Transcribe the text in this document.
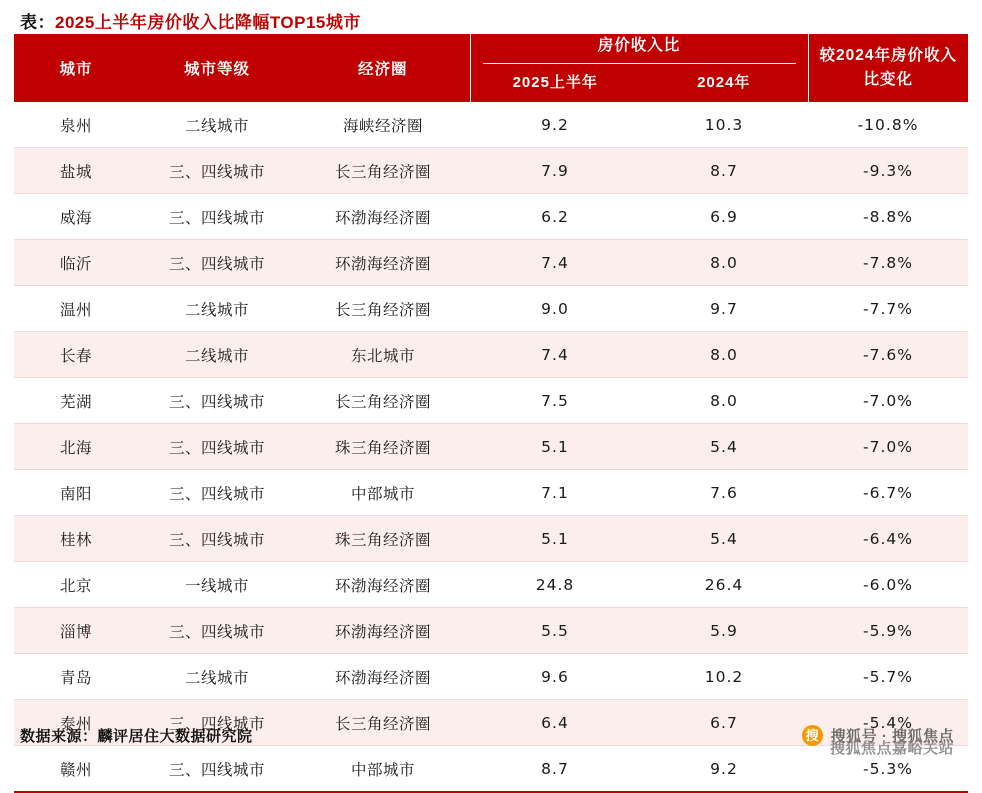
表： 2025上半年房价收入比降幅TOP15城市
城市	城市等级	经济圈	房价收入比		较2024年房价收入
比变化

			2025上半年	2024年	
泉州	二线城市	海峡经济圈	9.2	10.3	-10.8%
盐城	三、四线城市	长三角经济圈	7.9	8.7	-9.3%
威海	三、四线城市	环渤海经济圈	6.2	6.9	-8.8%
临沂	三、四线城市	环渤海经济圈	7.4	8.0	-7.8%
温州	二线城市	长三角经济圈	9.0	9.7	-7.7%
长春	二线城市	东北城市	7.4	8.0	-7.6%
芜湖	三、四线城市	长三角经济圈	7.5	8.0	-7.0%
北海	三、四线城市	珠三角经济圈	5.1	5.4	-7.0%
南阳	三、四线城市	中部城市	7.1	7.6	-6.7%
桂林	三、四线城市	珠三角经济圈	5.1	5.4	-6.4%
北京	一线城市	环渤海经济圈	24.8	26.4	-6.0%
淄博	三、四线城市	环渤海经济圈	5.5	5.9	-5.9%
青岛	二线城市	环渤海经济圈	9.6	10.2	-5.7%
泰州	三、四线城市	长三角经济圈	6.4	6.7	-5.4%
赣州	三、四线城市	中部城市	8.7	9.2	-5.3%
数据来源：麟评居住大数据研究院	搜 搜狐号 · 搜狐焦点
搜狐焦点嘉峪关站
